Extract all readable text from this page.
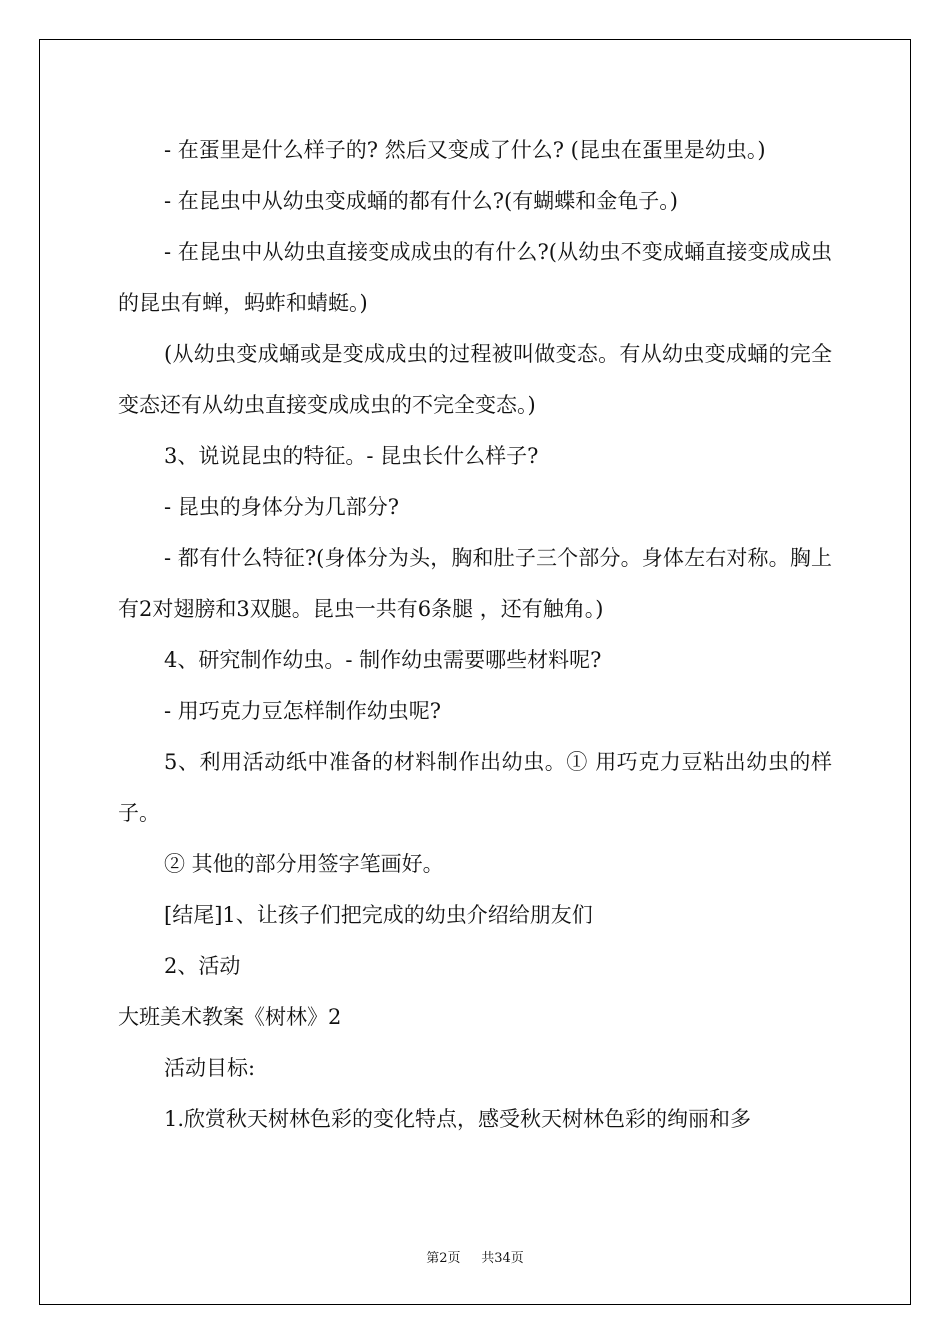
- 在蛋里是什么样子的? 然后又变成了什么? (昆虫在蛋里是幼虫。)

- 在昆虫中从幼虫变成蛹的都有什么?(有蝴蝶和金龟子。)

- 在昆虫中从幼虫直接变成成虫的有什么?(从幼虫不变成蛹直接变成成虫的昆虫有蝉，蚂蚱和蜻蜓。)

(从幼虫变成蛹或是变成成虫的过程被叫做变态。有从幼虫变成蛹的完全变态还有从幼虫直接变成成虫的不完全变态。)

3、说说昆虫的特征。- 昆虫长什么样子?

- 昆虫的身体分为几部分?

- 都有什么特征?(身体分为头，胸和肚子三个部分。身体左右对称。胸上有2对翅膀和3双腿。昆虫一共有6条腿 ，还有触角。)

4、研究制作幼虫。- 制作幼虫需要哪些材料呢?

- 用巧克力豆怎样制作幼虫呢?

5、利用活动纸中准备的材料制作出幼虫。① 用巧克力豆粘出幼虫的样子。

② 其他的部分用签字笔画好。

[结尾]1、让孩子们把完成的幼虫介绍给朋友们

2、活动

大班美术教案《树林》2

活动目标:

1.欣赏秋天树林色彩的变化特点，感受秋天树林色彩的绚丽和多

第2页 共34页
